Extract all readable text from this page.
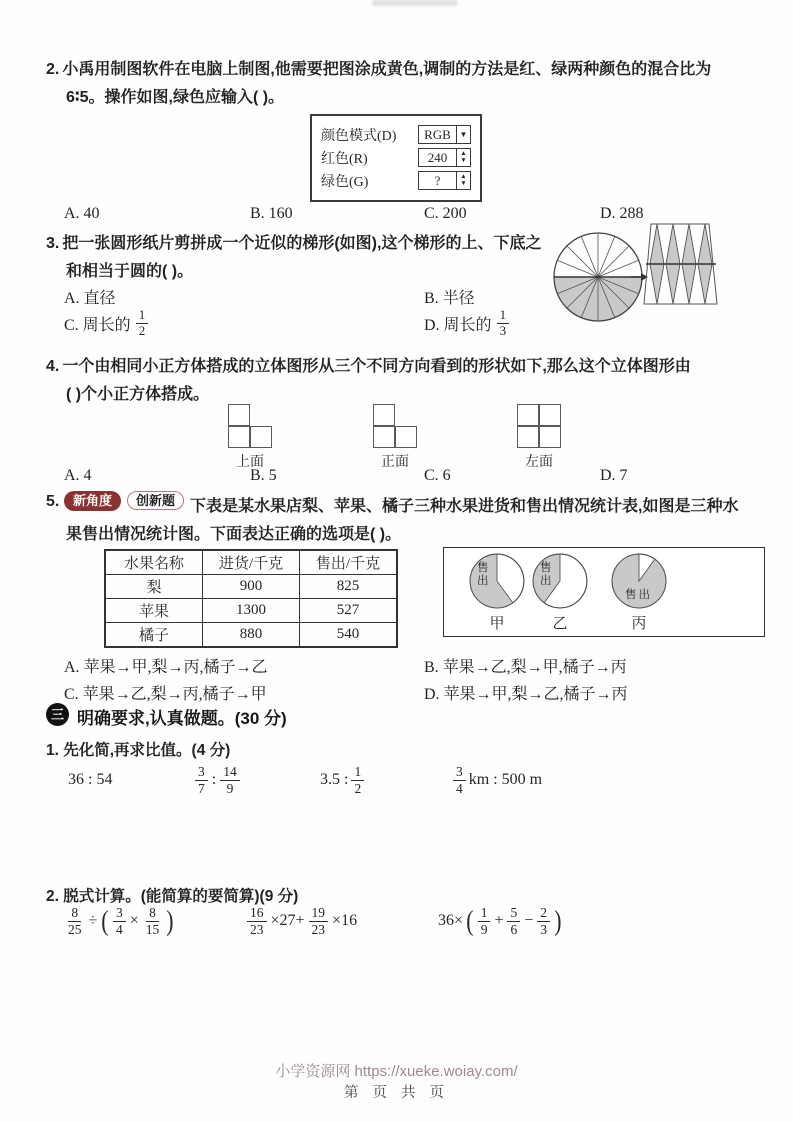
2. 小禹用制图软件在电脑上制图,他需要把图涂成黄色,调制的方法是红、绿两种颜色的混合比为
6∶5。操作如图,绿色应输入( )。
颜色模式(D)	RGB	▼
红色(R)	240	▲
▼
绿色(G)	?	▲
▼
A. 40	B. 160	C. 200	D. 288
3. 把一张圆形纸片剪拼成一个近似的梯形(如图),这个梯形的上、下底之
和相当于圆的( )。
A. 直径	B. 半径
C. 周长的 $\frac{1}{2}$	D. 周长的 $\frac{1}{3}$
4. 一个由相同小正方体搭成的立体图形从三个不同方向看到的形状如下,那么这个立体图形由
( )个小正方体搭成。
上面	正面	左面
A. 4	B. 5	C. 6	D. 7
5.	新角度	创新题 下表是某水果店梨、苹果、橘子三种水果进货和售出情况统计表,如图是三种水
果售出情况统计图。下面表达正确的选项是( )。
水果名称	进货/千克	售出/千克
梨	900	825
苹果	1300	527
橘子	880	540
售出
甲
售出
乙
售出
丙
A. 苹果→甲,梨→丙,橘子→乙	B. 苹果→乙,梨→甲,橘子→丙
C. 苹果→乙,梨→丙,橘子→甲	D. 苹果→甲,梨→乙,橘子→丙
三 明确要求,认真做题。(30 分)
1. 先化简,再求比值。(4 分)
36 : 54	$\frac{3}{7}$ : $\frac{14}{9}$	3.5 : $\frac{1}{2}$	$\frac{3}{4}$ km : 500 m
2. 脱式计算。(能简算的要简算)(9 分)
$\frac{8}{25}$ ÷ ( $\frac{3}{4} \times \frac{8}{15}$ )	$\frac{16}{23} \times 27+ \frac{19}{23} \times 16$	36× ( $\frac{1}{9} + \frac{5}{6} - \frac{2}{3}$ )
小学资源网 https://xueke.woiay.com/
第 页 共 页
